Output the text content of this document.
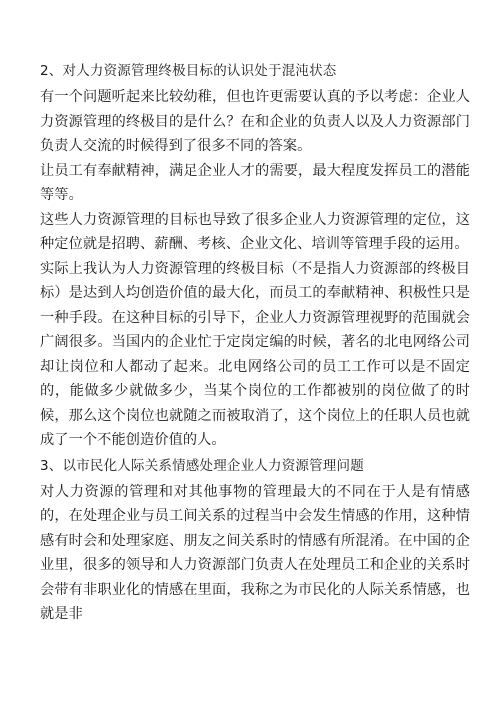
2、对人力资源管理终极目标的认识处于混沌状态

有一个问题听起来比较幼稚，但也许更需要认真的予以考虑：企业人力资源管理的终极目的是什么？在和企业的负责人以及人力资源部门负责人交流的时候得到了很多不同的答案。

让员工有奉献精神，满足企业人才的需要，最大程度发挥员工的潜能等等。

这些人力资源管理的目标也导致了很多企业人力资源管理的定位，这种定位就是招聘、薪酬、考核、企业文化、培训等管理手段的运用。

实际上我认为人力资源管理的终极目标（不是指人力资源部的终极目标）是达到人均创造价值的最大化，而员工的奉献精神、积极性只是一种手段。在这种目标的引导下，企业人力资源管理视野的范围就会广阔很多。当国内的企业忙于定岗定编的时候，著名的北电网络公司却让岗位和人都动了起来。北电网络公司的员工工作可以是不固定的，能做多少就做多少，当某个岗位的工作都被别的岗位做了的时候，那么这个岗位也就随之而被取消了，这个岗位上的任职人员也就成了一个不能创造价值的人。

3、以市民化人际关系情感处理企业人力资源管理问题

对人力资源的管理和对其他事物的管理最大的不同在于人是有情感的，在处理企业与员工间关系的过程当中会发生情感的作用，这种情感有时会和处理家庭、朋友之间关系时的情感有所混淆。在中国的企业里，很多的领导和人力资源部门负责人在处理员工和企业的关系时会带有非职业化的情感在里面，我称之为市民化的人际关系情感，也就是非
